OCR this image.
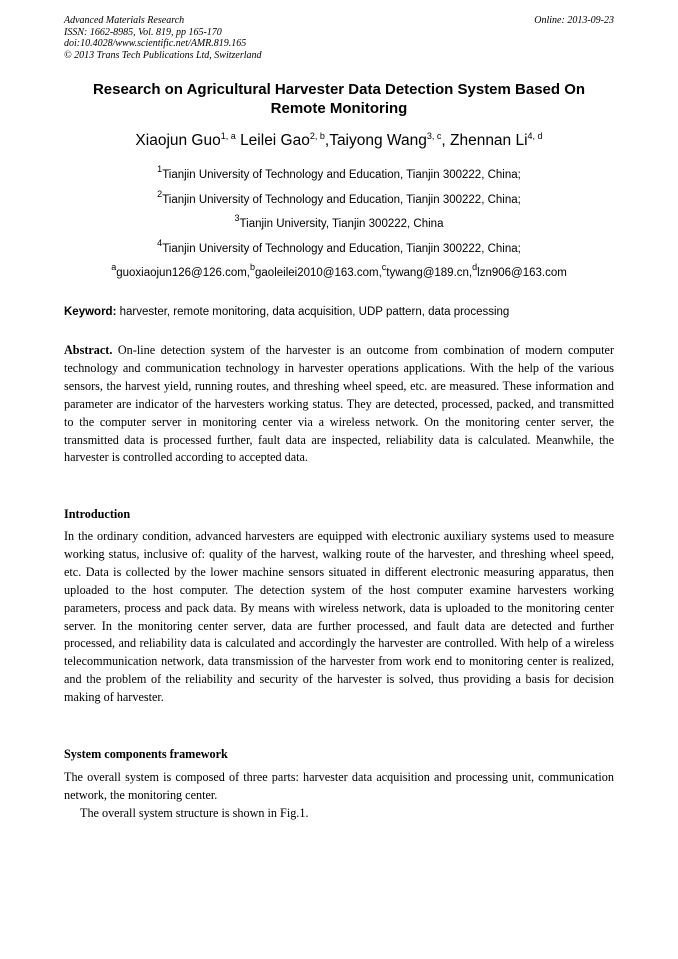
Advanced Materials Research
ISSN: 1662-8985, Vol. 819, pp 165-170
doi:10.4028/www.scientific.net/AMR.819.165
© 2013 Trans Tech Publications Ltd, Switzerland
Online: 2013-09-23
Research on Agricultural Harvester Data Detection System Based On
Remote Monitoring
Xiaojun Guo$^{1, a}$ Leilei Gao$^{2, b}$,Taiyong Wang$^{3, c}$, Zhennan Li$^{4, d}$
$^1$Tianjin University of Technology and Education, Tianjin 300222, China;
$^2$Tianjin University of Technology and Education, Tianjin 300222, China;
$^3$Tianjin University, Tianjin 300222, China
$^4$Tianjin University of Technology and Education, Tianjin 300222, China;
$^a$guoxiaojun126@126.com,$^b$gaoleilei2010@163.com,$^c$tywang@189.cn,$^d$lzn906@163.com
Keyword: harvester, remote monitoring, data acquisition, UDP pattern, data processing
Abstract. On-line detection system of the harvester is an outcome from combination of modern computer technology and communication technology in harvester operations applications. With the help of the various sensors, the harvest yield, running routes, and threshing wheel speed, etc. are measured. These information and parameter are indicator of the harvesters working status. They are detected, processed, packed, and transmitted to the computer server in monitoring center via a wireless network. On the monitoring center server, the transmitted data is processed further, fault data are inspected, reliability data is calculated. Meanwhile, the harvester is controlled according to accepted data.
Introduction
In the ordinary condition, advanced harvesters are equipped with electronic auxiliary systems used to measure working status, inclusive of: quality of the harvest, walking route of the harvester, and threshing wheel speed, etc. Data is collected by the lower machine sensors situated in different electronic measuring apparatus, then uploaded to the host computer. The detection system of the host computer examine harvesters working parameters, process and pack data. By means with wireless network, data is uploaded to the monitoring center server. In the monitoring center server, data are further processed, and fault data are detected and further processed, and reliability data is calculated and accordingly the harvester are controlled. With help of a wireless telecommunication network, data transmission of the harvester from work end to monitoring center is realized, and the problem of the reliability and security of the harvester is solved, thus providing a basis for decision making of harvester.
System components framework
The overall system is composed of three parts: harvester data acquisition and processing unit, communication network, the monitoring center.
The overall system structure is shown in Fig.1.
